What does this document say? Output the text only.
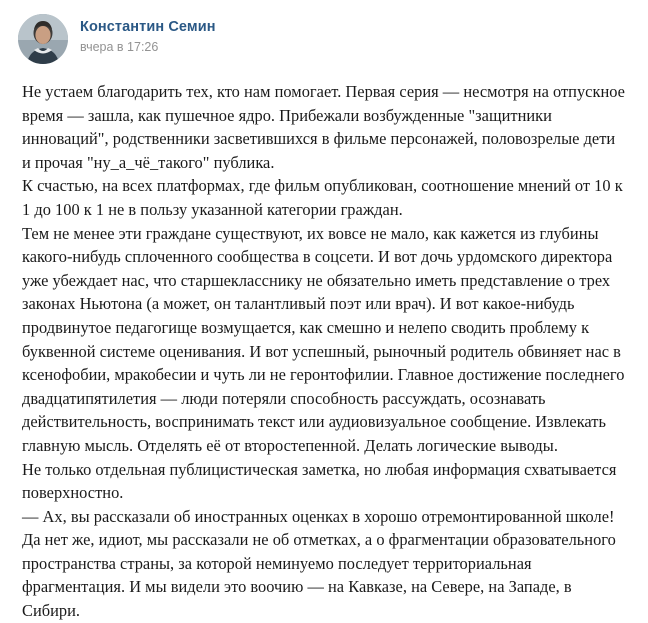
Константин Семин
вчера в 17:26

Не устаем благодарить тех, кто нам помогает. Первая серия — несмотря на отпускное время — зашла, как пушечное ядро. Прибежали возбужденные "защитники инноваций", родственники засветившихся в фильме персонажей, половозрелые дети и прочая "ну_а_чё_такого" публика.

К счастью, на всех платформах, где фильм опубликован, соотношение мнений от 10 к 1 до 100 к 1 не в пользу указанной категории граждан.

Тем не менее эти граждане существуют, их вовсе не мало, как кажется из глубины какого-нибудь сплоченного сообщества в соцсети. И вот дочь урдомского директора уже убеждает нас, что старшекласснику не обязательно иметь представление о трех законах Ньютона (а может, он талантливый поэт или врач). И вот какое-нибудь продвинутое педагогище возмущается, как смешно и нелепо сводить проблему к буквенной системе оценивания. И вот успешный, рыночный родитель обвиняет нас в ксенофобии, мракобесии и чуть ли не геронтофилии. Главное достижение последнего двадцатипятилетия — люди потеряли способность рассуждать, осознавать действительность, воспринимать текст или аудиовизуальное сообщение. Извлекать главную мысль. Отделять её от второстепенной. Делать логические выводы.

Не только отдельная публицистическая заметка, но любая информация схватывается поверхностно.

— Ах, вы рассказали об иностранных оценках в хорошо отремонтированной школе! Да нет же, идиот, мы рассказали не об отметках, а о фрагментации образовательного пространства страны, за которой неминуемо последует территориальная фрагментация. И мы видели это воочию — на Кавказе, на Севере, на Западе, в Сибири.
